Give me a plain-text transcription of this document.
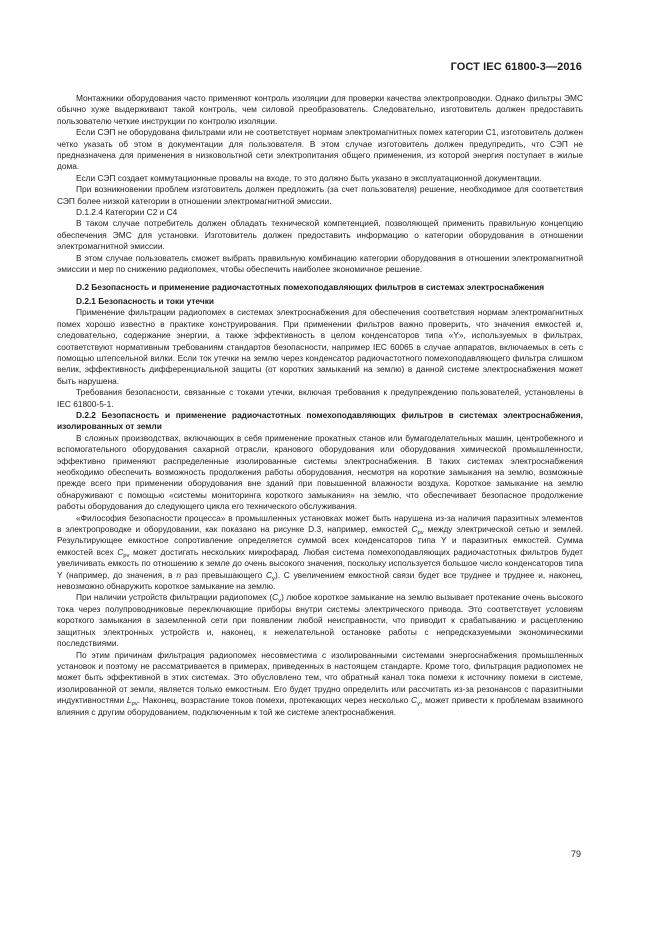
ГОСТ IEC 61800-3—2016

Монтажники оборудования часто применяют контроль изоляции для проверки качества электропроводки. Однако фильтры ЭМС обычно хуже выдерживают такой контроль, чем силовой преобразователь. Следовательно, изготовитель должен предоставить пользователю четкие инструкции по контролю изоляции.

Если СЭП не оборудована фильтрами или не соответствует нормам электромагнитных помех категории С1, изготовитель должен четко указать об этом в документации для пользователя. В этом случае изготовитель должен предупредить, что СЭП не предназначена для применения в низковольтной сети электропитания общего применения, из которой энергия поступает в жилые дома.

Если СЭП создает коммутационные провалы на входе, то это должно быть указано в эксплуатационной документации.

При возникновении проблем изготовитель должен предложить (за счет пользователя) решение, необходимое для соответствия СЭП более низкой категории в отношении электромагнитной эмиссии.

D.1.2.4 Категории С2 и С4

В таком случае потребитель должен обладать технической компетенцией, позволяющей применить правильную концепцию обеспечения ЭМС для установки. Изготовитель должен предоставить информацию о категории оборудования в отношении электромагнитной эмиссии.

В этом случае пользователь сможет выбрать правильную комбинацию категории оборудования в отношении электромагнитной эмиссии и мер по снижению радиопомех, чтобы обеспечить наиболее экономичное решение.

D.2 Безопасность и применение радиочастотных помехоподавляющих фильтров в системах электроснабжения

D.2.1 Безопасность и токи утечки

Применение фильтрации радиопомех в системах электроснабжения для обеспечения соответствия нормам электромагнитных помех хорошо известно в практике конструирования. При применении фильтров важно проверить, что значения емкостей и, следовательно, содержание энергии, а также эффективность в целом конденсаторов типа «Y», используемых в фильтрах, соответствуют нормативным требованиям стандартов безопасности, например IEC 60065 в случае аппаратов, включаемых в сеть с помощью штепсельной вилки. Если ток утечки на землю через конденсатор радиочастотного помехоподавляющего фильтра слишком велик, эффективность дифференциальной защиты (от коротких замыканий на землю) в данной системе электроснабжения может быть нарушена.

Требования безопасности, связанные с токами утечки, включая требования к предупреждению пользователей, установлены в IEC 61800-5-1.

D.2.2 Безопасность и применение радиочастотных помехоподавляющих фильтров в системах электроснабжения, изолированных от земли

В сложных производствах, включающих в себя применение прокатных станов или бумагоделательных машин, центробежного и вспомогательного оборудования сахарной отрасли, кранового оборудования или оборудования химической промышленности, эффективно применяют распределенные изолированные системы электроснабжения. В таких системах электроснабжения необходимо обеспечить возможность продолжения работы оборудования, несмотря на короткие замыкания на землю, возможные прежде всего при применении оборудования вне зданий при повышенной влажности воздуха. Короткое замыкание на землю обнаруживают с помощью «системы мониторинга короткого замыкания» на землю, что обеспечивает безопасное продолжение работы оборудования до следующего цикла его технического обслуживания.

«Философия безопасности процесса» в промышленных установках может быть нарушена из-за наличия паразитных элементов в электропроводке и оборудовании, как показано на рисунке D.3, например, емкостей $C_{pv}$ между электрической сетью и землей. Результирующее емкостное сопротивление определяется суммой всех конденсаторов типа Y и паразитных емкостей. Сумма емкостей всех $C_{pv}$ может достигать нескольких микрофарад. Любая система помехоподавляющих радиочастотных фильтров будет увеличивать емкость по отношению к земле до очень высокого значения, поскольку используется большое число конденсаторов типа Y (например, до значения, в n раз превышающего $C_y$). С увеличением емкостной связи будет все труднее и труднее и, наконец, невозможно обнаружить короткое замыкание на землю.

При наличии устройств фильтрации радиопомех $(C_y)$ любое короткое замыкание на землю вызывает протекание очень высокого тока через полупроводниковые переключающие приборы внутри системы электрического привода. Это соответствует условиям короткого замыкания в заземленной сети при появлении любой неисправности, что приводит к срабатыванию и расцеплению защитных электронных устройств и, наконец, к нежелательной остановке работы с непредсказуемыми экономическими последствиями.

По этим причинам фильтрация радиопомех несовместима с изолированными системами энергоснабжения промышленных установок и поэтому не рассматривается в примерах, приведенных в настоящем стандарте. Кроме того, фильтрация радиопомех не может быть эффективной в этих системах. Это обусловлено тем, что обратный канал тока помехи к источнику помехи в системе, изолированной от земли, является только емкостным. Его будет трудно определить или рассчитать из-за резонансов с паразитными индуктивностями $L_{pv}$. Наконец, возрастание токов помехи, протекающих через несколько $C_y$, может привести к проблемам взаимного влияния с другим оборудованием, подключенным к той же системе электроснабжения.

79
